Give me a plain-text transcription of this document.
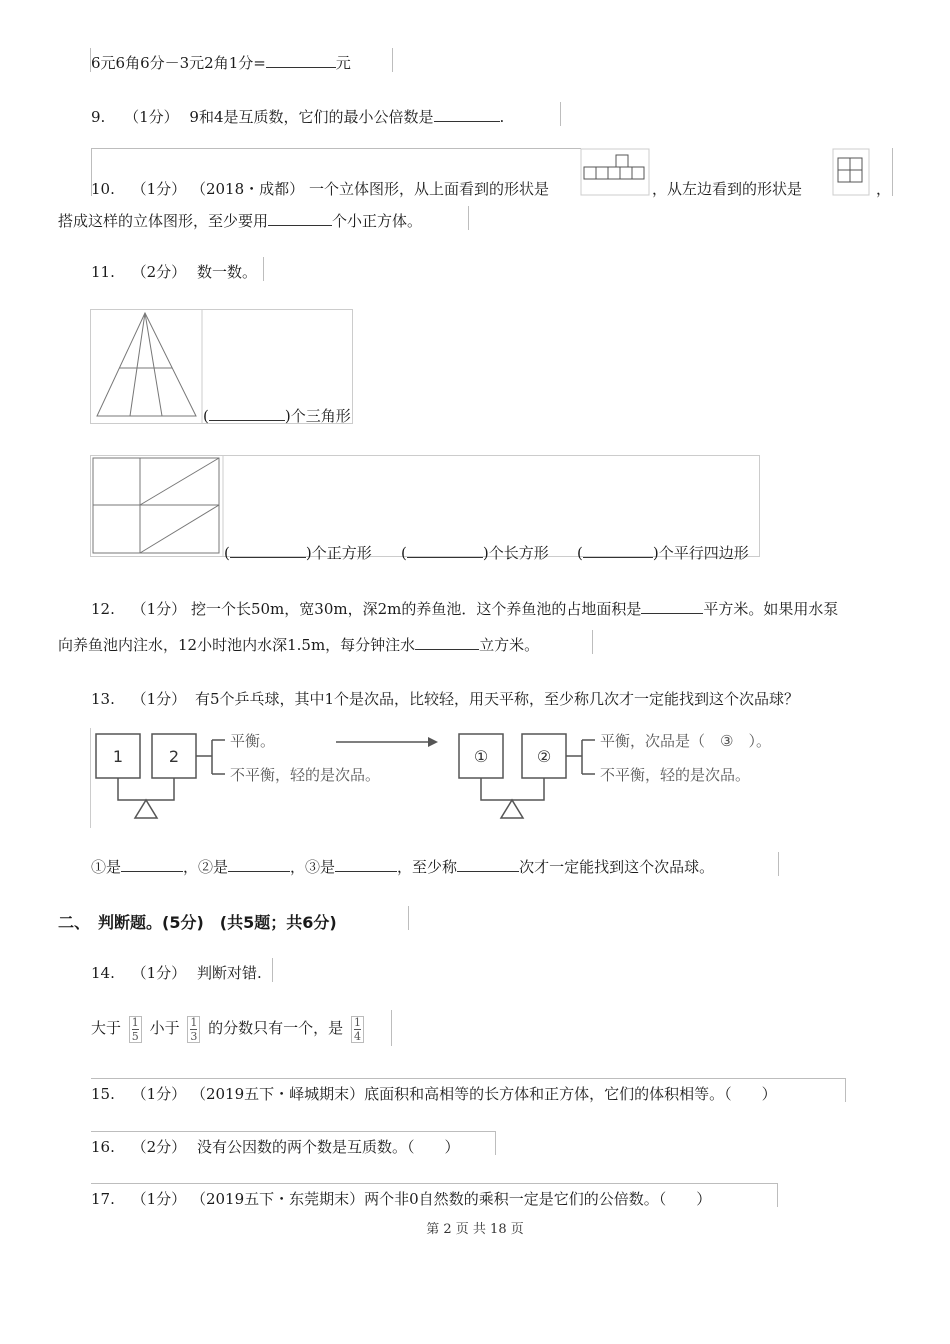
6元6角6分－3元2角1分=	元
9. （1分） 9和4是互质数，它们的最小公倍数是	.
10. （1分） （2018・成都） 一个立体图形，从上面看到的形状是	，从左边看到的形状是	，
搭成这样的立体图形，至少要用	个小正方体。
11. （2分） 数一数。
(	)个三角形
(	)个正方形 (	)个长方形 (	)个平行四边形
12. （1分） 挖一个长50m，宽30m，深2m的养鱼池．这个养鱼池的占地面积是	平方米。如果用水泵
向养鱼池内注水，12小时池内水深1.5m，每分钟注水	立方米。
13. （1分） 有5个乒乓球，其中1个是次品，比较轻，用天平称，至少称几次才一定能找到这个次品球？
1	2
平衡。
不平衡，轻的是次品。
①	②
平衡，次品是（　③　）。
不平衡，轻的是次品。
①是	，②是	，③是	，至少称	次才一定能找到这个次品球。
二、　判断题。(5分)　(共5题；共6分)
14. （1分） 判断对错.
大于 $\frac{1}{5}$ 小于 $\frac{1}{3}$ 的分数只有一个，是 $\frac{1}{4}$
15. （1分） （2019五下・峄城期末）底面积和高相等的长方体和正方体，它们的体积相等。（　　）
16. （2分） 没有公因数的两个数是互质数。（　　）
17. （1分） （2019五下・东莞期末）两个非0自然数的乘积一定是它们的公倍数。（　　）
第 2 页 共 18 页
